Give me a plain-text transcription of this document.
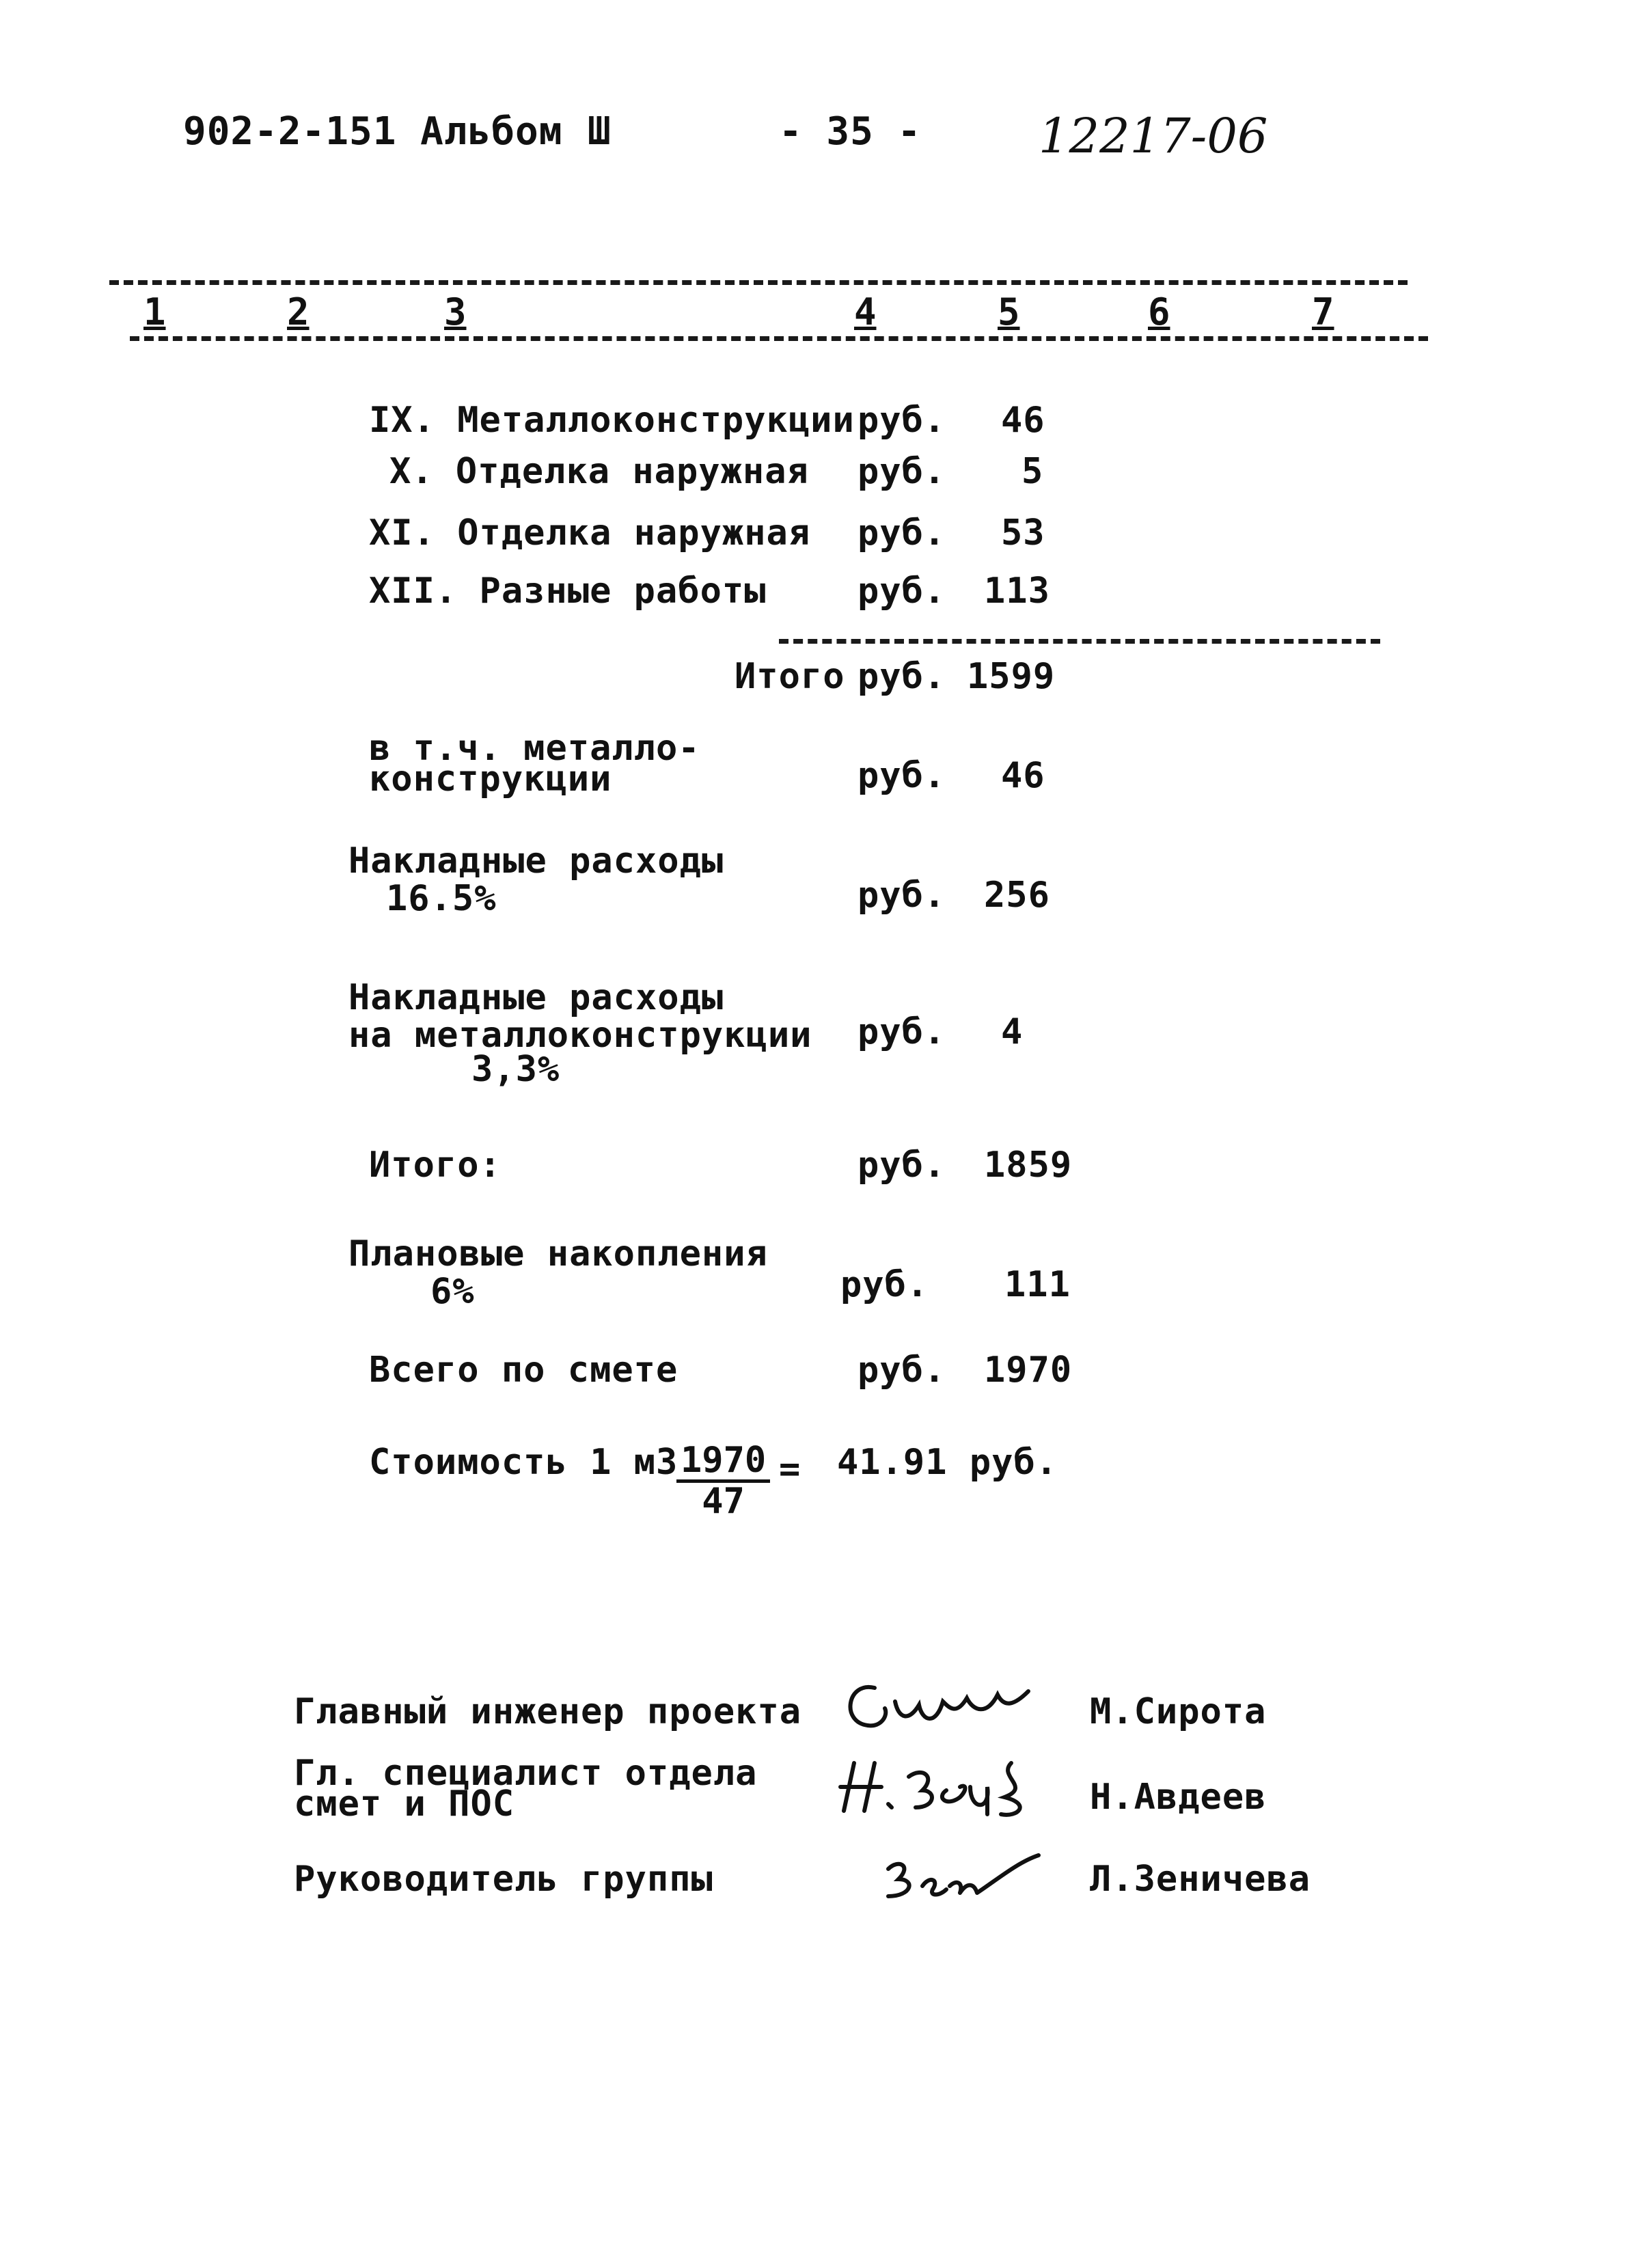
902-2-151 Альбом Ш	- 35 - 12217-06
1	2	3	4	5	6	7
IX. Металлоконструкции руб. 46
X. Отделка наружная руб. 5
XI. Отделка наружная руб. 53
XII. Разные работы	руб. 113
Итого руб. 1599
в т.ч. металло-
конструкции	руб. 46
Накладные расходы
16.5%	руб. 256
Накладные расходы
на металлоконструкции
3,3%
руб. 4
Итого:	руб. 1859
Плановые накопления
6%	руб. 111
Всего по смете	руб. 1970
Стоимость 1 м3
$\frac{1970}{47} = 41.91$ руб.
Главный инженер проекта	М.Сирота
Гл. специалист отдела
смет и ПОС	Н.Авдеев
Руководитель группы	Л.Зеничева
